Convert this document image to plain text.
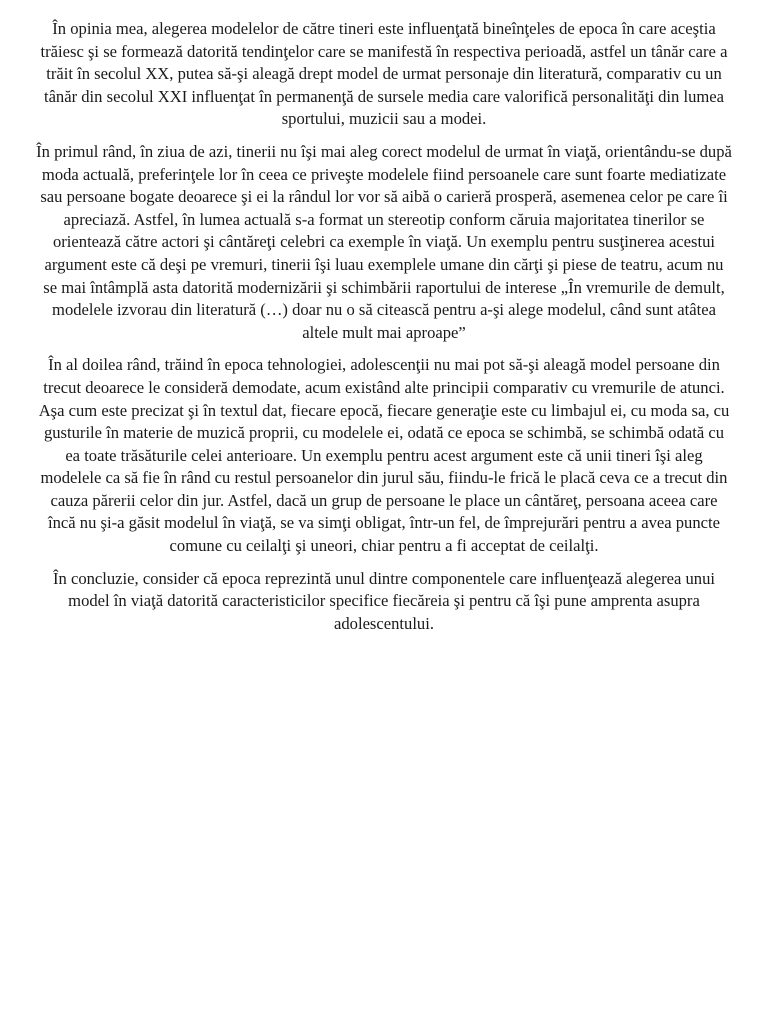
În opinia mea, alegerea modelelor de către tineri este influenţată bineînţeles de epoca în care aceştia trăiesc şi se formează datorită tendinţelor care se manifestă în respectiva perioadă, astfel un tânăr care a trăit în secolul XX, putea să-şi aleagă drept model de urmat personaje din literatură, comparativ cu un tânăr din secolul XXI influenţat în permanenţă de sursele media care valorifică personalităţi din lumea sportului, muzicii sau a modei.

În primul rând, în ziua de azi, tinerii nu îşi mai aleg corect modelul de urmat în viaţă, orientându-se după moda actuală, preferinţele lor în ceea ce priveşte modelele fiind persoanele care sunt foarte mediatizate sau persoane bogate deoarece şi ei la rândul lor vor să aibă o carieră prosperă, asemenea celor pe care îi apreciază. Astfel, în lumea actuală s-a format un stereotip conform căruia majoritatea tinerilor se orientează către actori şi cântăreţi celebri ca exemple în viaţă. Un exemplu pentru susţinerea acestui argument este că deşi pe vremuri, tinerii îşi luau exemplele umane din cărţi şi piese de teatru, acum nu se mai întâmplă asta datorită modernizării şi schimbării raportului de interese „În vremurile de demult, modelele izvorau din literatură (…) doar nu o să citească pentru a-şi alege modelul, când sunt atâtea altele mult mai aproape”

În al doilea rând, trăind în epoca tehnologiei, adolescenţii nu mai pot să-şi aleagă model persoane din trecut deoarece le consideră demodate, acum existând alte principii comparativ cu vremurile de atunci. Aşa cum este precizat şi în textul dat, fiecare epocă, fiecare generaţie este cu limbajul ei, cu moda sa, cu gusturile în materie de muzică proprii, cu modelele ei, odată ce epoca se schimbă, se schimbă odată cu ea toate trăsăturile celei anterioare. Un exemplu pentru acest argument este că unii tineri îşi aleg modelele ca să fie în rând cu restul persoanelor din jurul său, fiindu-le frică le placă ceva ce a trecut din cauza părerii celor din jur. Astfel, dacă un grup de persoane le place un cântăreţ, persoana aceea care încă nu şi-a găsit modelul în viaţă, se va simţi obligat, într-un fel, de împrejurări pentru a avea puncte comune cu ceilalţi şi uneori, chiar pentru a fi acceptat de ceilalţi.

În concluzie, consider că epoca reprezintă unul dintre componentele care influenţează alegerea unui model în viaţă datorită caracteristicilor specifice fiecăreia şi pentru că îşi pune amprenta asupra adolescentului.
